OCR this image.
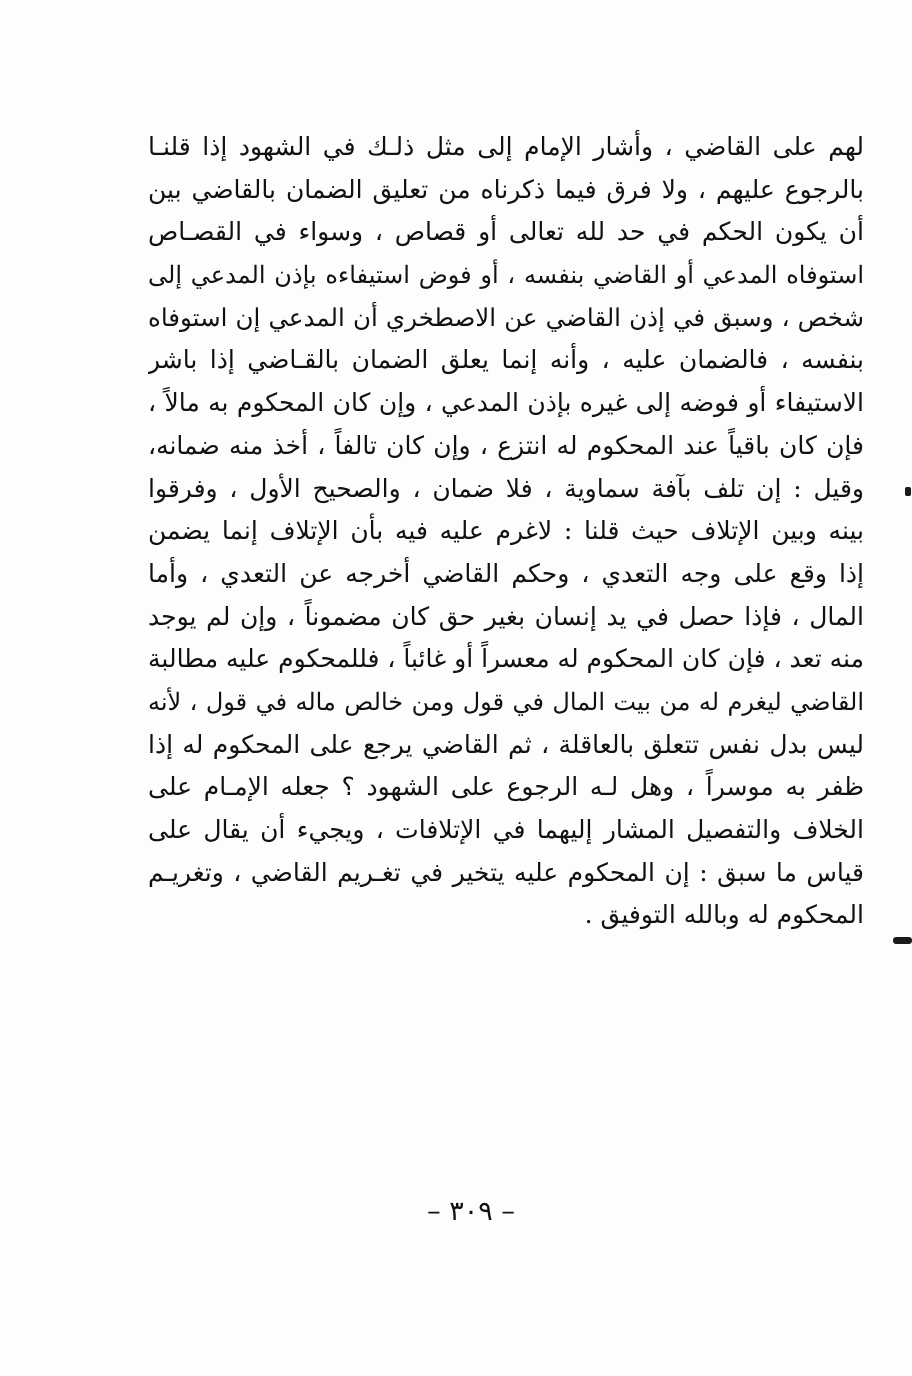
لهم على القاضي ، وأشار الإمام إلى مثل ذلـك في الشهود إذا قلنـا
بالرجوع عليهم ، ولا فرق فيما ذكرناه من تعليق الضمان بالقاضي بين
أن يكون الحكم في حد لله تعالى أو قصاص ، وسواء في القصـاص
استوفاه المدعي أو القاضي بنفسه ، أو فوض استيفاءه بإذن المدعي إلى
شخص ، وسبق في إذن القاضي عن الاصطخري أن المدعي إن استوفاه
بنفسه ، فالضمان عليه ، وأنه إنما يعلق الضمان بالقـاضي إذا باشر
الاستيفاء أو فوضه إلى غيره بإذن المدعي ، وإن كان المحكوم به مالاً ،
فإن كان باقياً عند المحكوم له انتزع ، وإن كان تالفاً ، أخذ منه ضمانه،
وقيل : إن تلف بآفة سماوية ، فلا ضمان ، والصحيح الأول ، وفرقوا
بينه وبين الإتلاف حيث قلنا : لاغرم عليه فيه بأن الإتلاف إنما يضمن
إذا وقع على وجه التعدي ، وحكم القاضي أخرجه عن التعدي ، وأما
المال ، فإذا حصل في يد إنسان بغير حق كان مضموناً ، وإن لم يوجد
منه تعد ، فإن كان المحكوم له معسراً أو غائباً ، فللمحكوم عليه مطالبة
القاضي ليغرم له من بيت المال في قول ومن خالص ماله في قول ، لأنه
ليس بدل نفس تتعلق بالعاقلة ، ثم القاضي يرجع على المحكوم له إذا
ظفر به موسراً ، وهل لـه الرجوع على الشهود ؟ جعله الإمـام على
الخلاف والتفصيل المشار إليهما في الإتلافات ، ويجيء أن يقال على
قياس ما سبق : إن المحكوم عليه يتخير في تغـريم القاضي ، وتغريـم
المحكوم له وبالله التوفيق .
– ٣٠٩ –
